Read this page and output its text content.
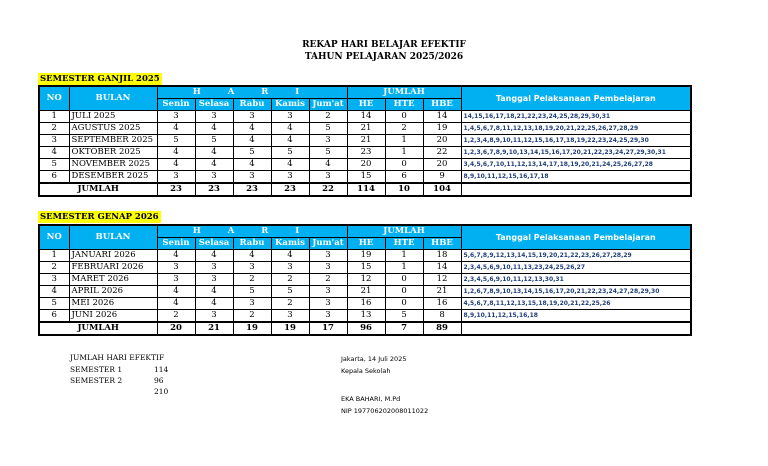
REKAP HARI BELAJAR EFEKTIF
TAHUN PELAJARAN 2025/2026
SEMESTER GANJIL 2025
NO	BULAN	H A R I					JUMLAH			Tanggal Pelaksanaan Pembelajaran
		Senin	Selasa	Rabu	Kamis	Jum'at	HE	HTE	HBE	
1	JULI 2025	3	3	3	3	2	14	0	14	14,15,16,17,18,21,22,23,24,25,28,29,30,31
2	AGUSTUS 2025	4	4	4	4	5	21	2	19	1,4,5,6,7,8,11,12,13,18,19,20,21,22,25,26,27,28,29
3	SEPTEMBER 2025	5	5	4	4	3	21	1	20	1,2,3,4,8,9,10,11,12,15,16,17,18,19,22,23,24,25,29,30
4	OKTOBER 2025	4	4	5	5	5	23	1	22	1,2,3,6,7,8,9,10,13,14,15,16,17,20,21,22,23,24,27,29,30,31
5	NOVEMBER 2025	4	4	4	4	4	20	0	20	3,4,5,6,7,10,11,12,13,14,17,18,19,20,21,24,25,26,27,28
6	DESEMBER 2025	3	3	3	3	3	15	6	9	8,9,10,11,12,15,16,17,18
JUMLAH		23	23	23	23	22	114	10	104	
SEMESTER GENAP 2026
NO	BULAN	H A R I					JUMLAH			Tanggal Pelaksanaan Pembelajaran
		Senin	Selasa	Rabu	Kamis	Jum'at	HE	HTE	HBE	
1	JANUARI 2026	4	4	4	4	3	19	1	18	5,6,7,8,9,12,13,14,15,19,20,21,22,23,26,27,28,29
2	FEBRUARI 2026	3	3	3	3	3	15	1	14	2,3,4,5,6,9,10,11,13,23,24,25,26,27
3	MARET 2026	3	3	2	2	2	12	0	12	2,3,4,5,6,9,10,11,12,13,30,31
4	APRIL 2026	4	4	5	5	3	21	0	21	1,2,6,7,8,9,10,13,14,15,16,17,20,21,22,23,24,27,28,29,30
5	MEI 2026	4	4	3	2	3	16	0	16	4,5,6,7,8,11,12,13,15,18,19,20,21,22,25,26
6	JUNI 2026	2	3	2	3	3	13	5	8	8,9,10,11,12,15,16,18
JUMLAH		20	21	19	19	17	96	7	89	
JUMLAH HARI EFEKTIF
SEMESTER 1	114
SEMESTER 2	96
210
Jakarta, 14 Juli 2025
Kepala Sekolah
EKA BAHARI, M.Pd
NIP 197706202008011022
